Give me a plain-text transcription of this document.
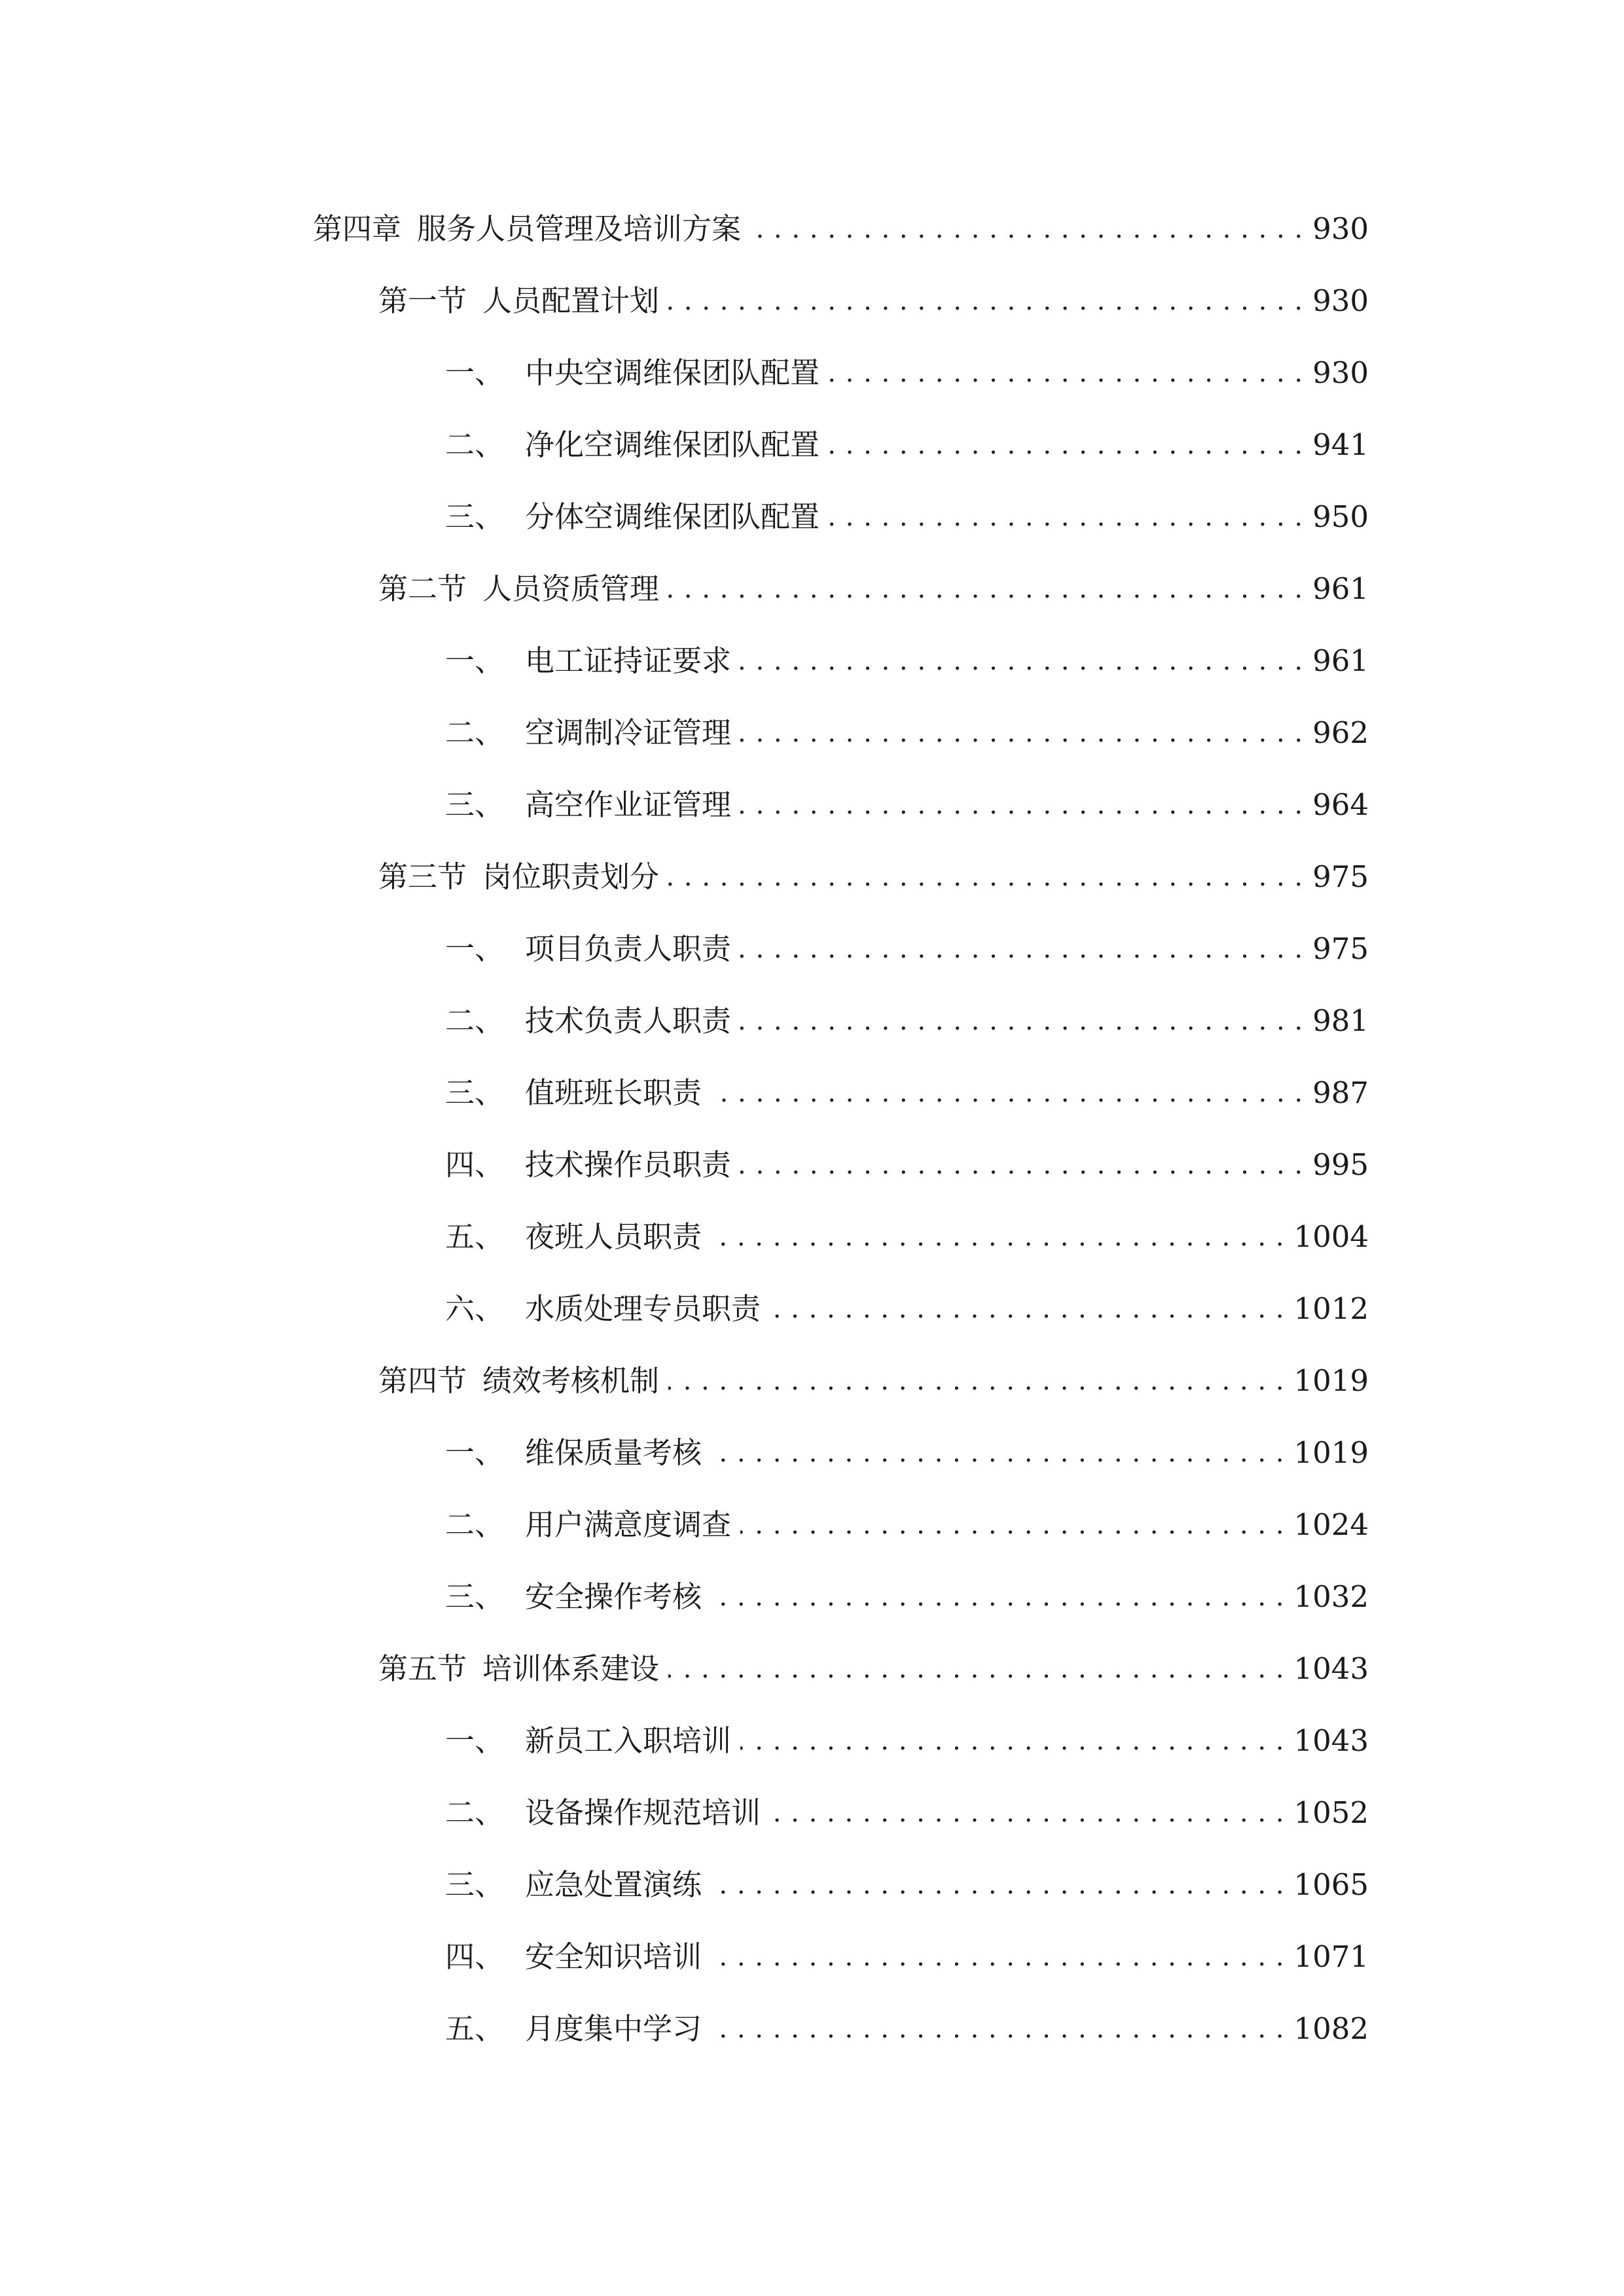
第四章 服务人员管理及培训方案 . . .	930
第一节 人员配置计划 . . .	930
一、 中央空调维保团队配置 . . .	930
二、 净化空调维保团队配置 . . .	941
三、 分体空调维保团队配置 . . .	950
第二节 人员资质管理 . . .	961
一、 电工证持证要求 . . .	961
二、 空调制冷证管理 . . .	962
三、 高空作业证管理 . . .	964
第三节 岗位职责划分 . . .	975
一、 项目负责人职责 . . .	975
二、 技术负责人职责 . . .	981
三、 值班班长职责 . . .	987
四、 技术操作员职责 . . .	995
五、 夜班人员职责 . . .	1004
六、 水质处理专员职责 . . .	1012
第四节 绩效考核机制 . . .	1019
一、 维保质量考核 . . .	1019
二、 用户满意度调查 . . .	1024
三、 安全操作考核 . . .	1032
第五节 培训体系建设 . . .	1043
一、 新员工入职培训 . . .	1043
二、 设备操作规范培训 . . .	1052
三、 应急处置演练 . . .	1065
四、 安全知识培训 . . .	1071
五、 月度集中学习 . . .	1082
